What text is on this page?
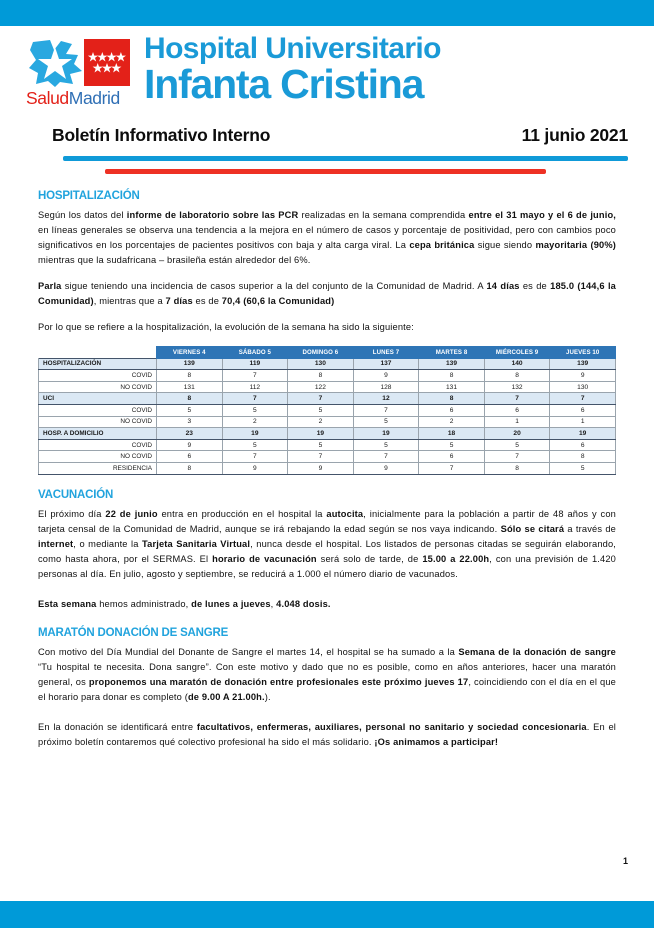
SaludMadrid
Hospital Universitario
Infanta Cristina
Boletín Informativo Interno	11 junio 2021
HOSPITALIZACIÓN

Según los datos del informe de laboratorio sobre las PCR realizadas en la semana comprendida entre el 31 mayo y el 6 de junio, en líneas generales se observa una tendencia a la mejora en el número de casos y porcentaje de positividad, pero con cambios poco significativos en los porcentajes de pacientes positivos con baja y alta carga viral. La cepa británica sigue siendo mayoritaria (90%) mientras que la sudafricana – brasileña están alrededor del 6%.

Parla sigue teniendo una incidencia de casos superior a la del conjunto de la Comunidad de Madrid. A 14 días es de 185.0 (144,6 la Comunidad), mientras que a 7 días es de 70,4 (60,6 la Comunidad)

Por lo que se refiere a la hospitalización, la evolución de la semana ha sido la siguiente:

	VIERNES 4	SÁBADO 5	DOMINGO 6	LUNES 7	MARTES 8	MIÉRCOLES 9	JUEVES 10
HOSPITALIZACIÓN	139	119	130	137	139	140	139
COVID	8	7	8	9	8	8	9
NO COVID	131	112	122	128	131	132	130
UCI	8	7	7	12	8	7	7
COVID	5	5	5	7	6	6	6
NO COVID	3	2	2	5	2	1	1
HOSP. A DOMICILIO	23	19	19	19	18	20	19
COVID	9	5	5	5	5	5	6
NO COVID	6	7	7	7	6	7	8
RESIDENCIA	8	9	9	9	7	8	5
VACUNACIÓN

El próximo día 22 de junio entra en producción en el hospital la autocita, inicialmente para la población a partir de 48 años y con tarjeta censal de la Comunidad de Madrid, aunque se irá rebajando la edad según se nos vaya indicando. Sólo se citará a través de internet, o mediante la Tarjeta Sanitaria Virtual, nunca desde el hospital. Los listados de personas citadas se seguirán elaborando, como hasta ahora, por el SERMAS. El horario de vacunación será solo de tarde, de 15.00 a 22.00h, con una previsión de 1.420 personas al día. En julio, agosto y septiembre, se reducirá a 1.000 el número diario de vacunados.

Esta semana hemos administrado, de lunes a jueves, 4.048 dosis.

MARATÓN DONACIÓN DE SANGRE

Con motivo del Día Mundial del Donante de Sangre el martes 14, el hospital se ha sumado a la Semana de la donación de sangre “Tu hospital te necesita. Dona sangre”. Con este motivo y dado que no es posible, como en años anteriores, hacer una maratón general, os proponemos una maratón de donación entre profesionales este próximo jueves 17, coincidiendo con el día en el que el horario para donar es completo (de 9.00 A 21.00h.).

En la donación se identificará entre facultativos, enfermeras, auxiliares, personal no sanitario y sociedad concesionaria. En el próximo boletín contaremos qué colectivo profesional ha sido el más solidario. ¡Os animamos a participar!

1
